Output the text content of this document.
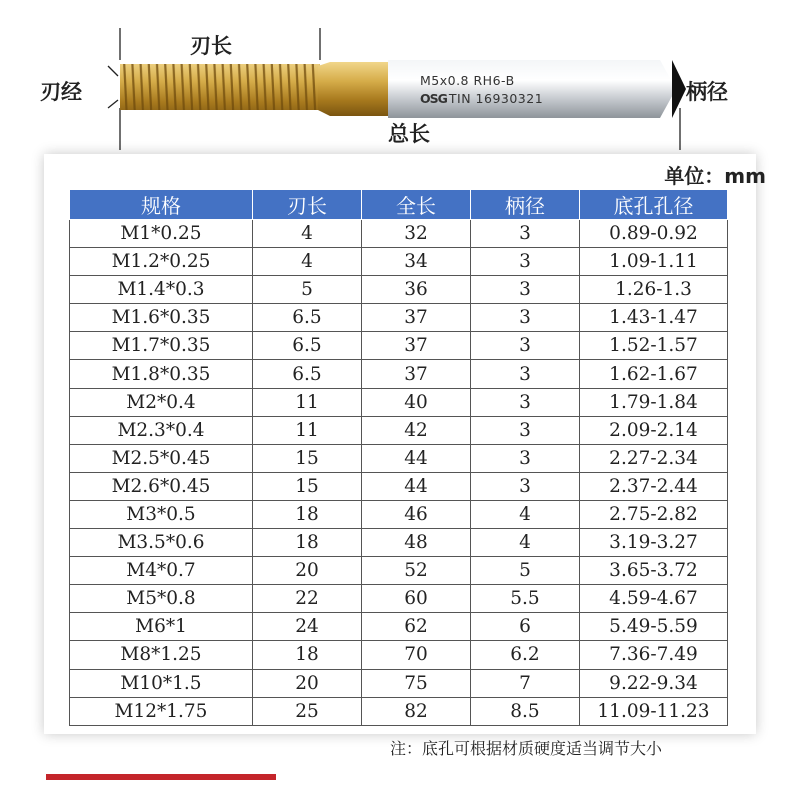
刃长
刃经
总长
柄径
M5x0.8 RH6-B
OSG TIN 16930321
单位：mm
规格	刃长	全长	柄径	底孔孔径
M1*0.25	4	32	3	0.89-0.92
M1.2*0.25	4	34	3	1.09-1.11
M1.4*0.3	5	36	3	1.26-1.3
M1.6*0.35	6.5	37	3	1.43-1.47
M1.7*0.35	6.5	37	3	1.52-1.57
M1.8*0.35	6.5	37	3	1.62-1.67
M2*0.4	11	40	3	1.79-1.84
M2.3*0.4	11	42	3	2.09-2.14
M2.5*0.45	15	44	3	2.27-2.34
M2.6*0.45	15	44	3	2.37-2.44
M3*0.5	18	46	4	2.75-2.82
M3.5*0.6	18	48	4	3.19-3.27
M4*0.7	20	52	5	3.65-3.72
M5*0.8	22	60	5.5	4.59-4.67
M6*1	24	62	6	5.49-5.59
M8*1.25	18	70	6.2	7.36-7.49
M10*1.5	20	75	7	9.22-9.34
M12*1.75	25	82	8.5	11.09-11.23
注：底孔可根据材质硬度适当调节大小
